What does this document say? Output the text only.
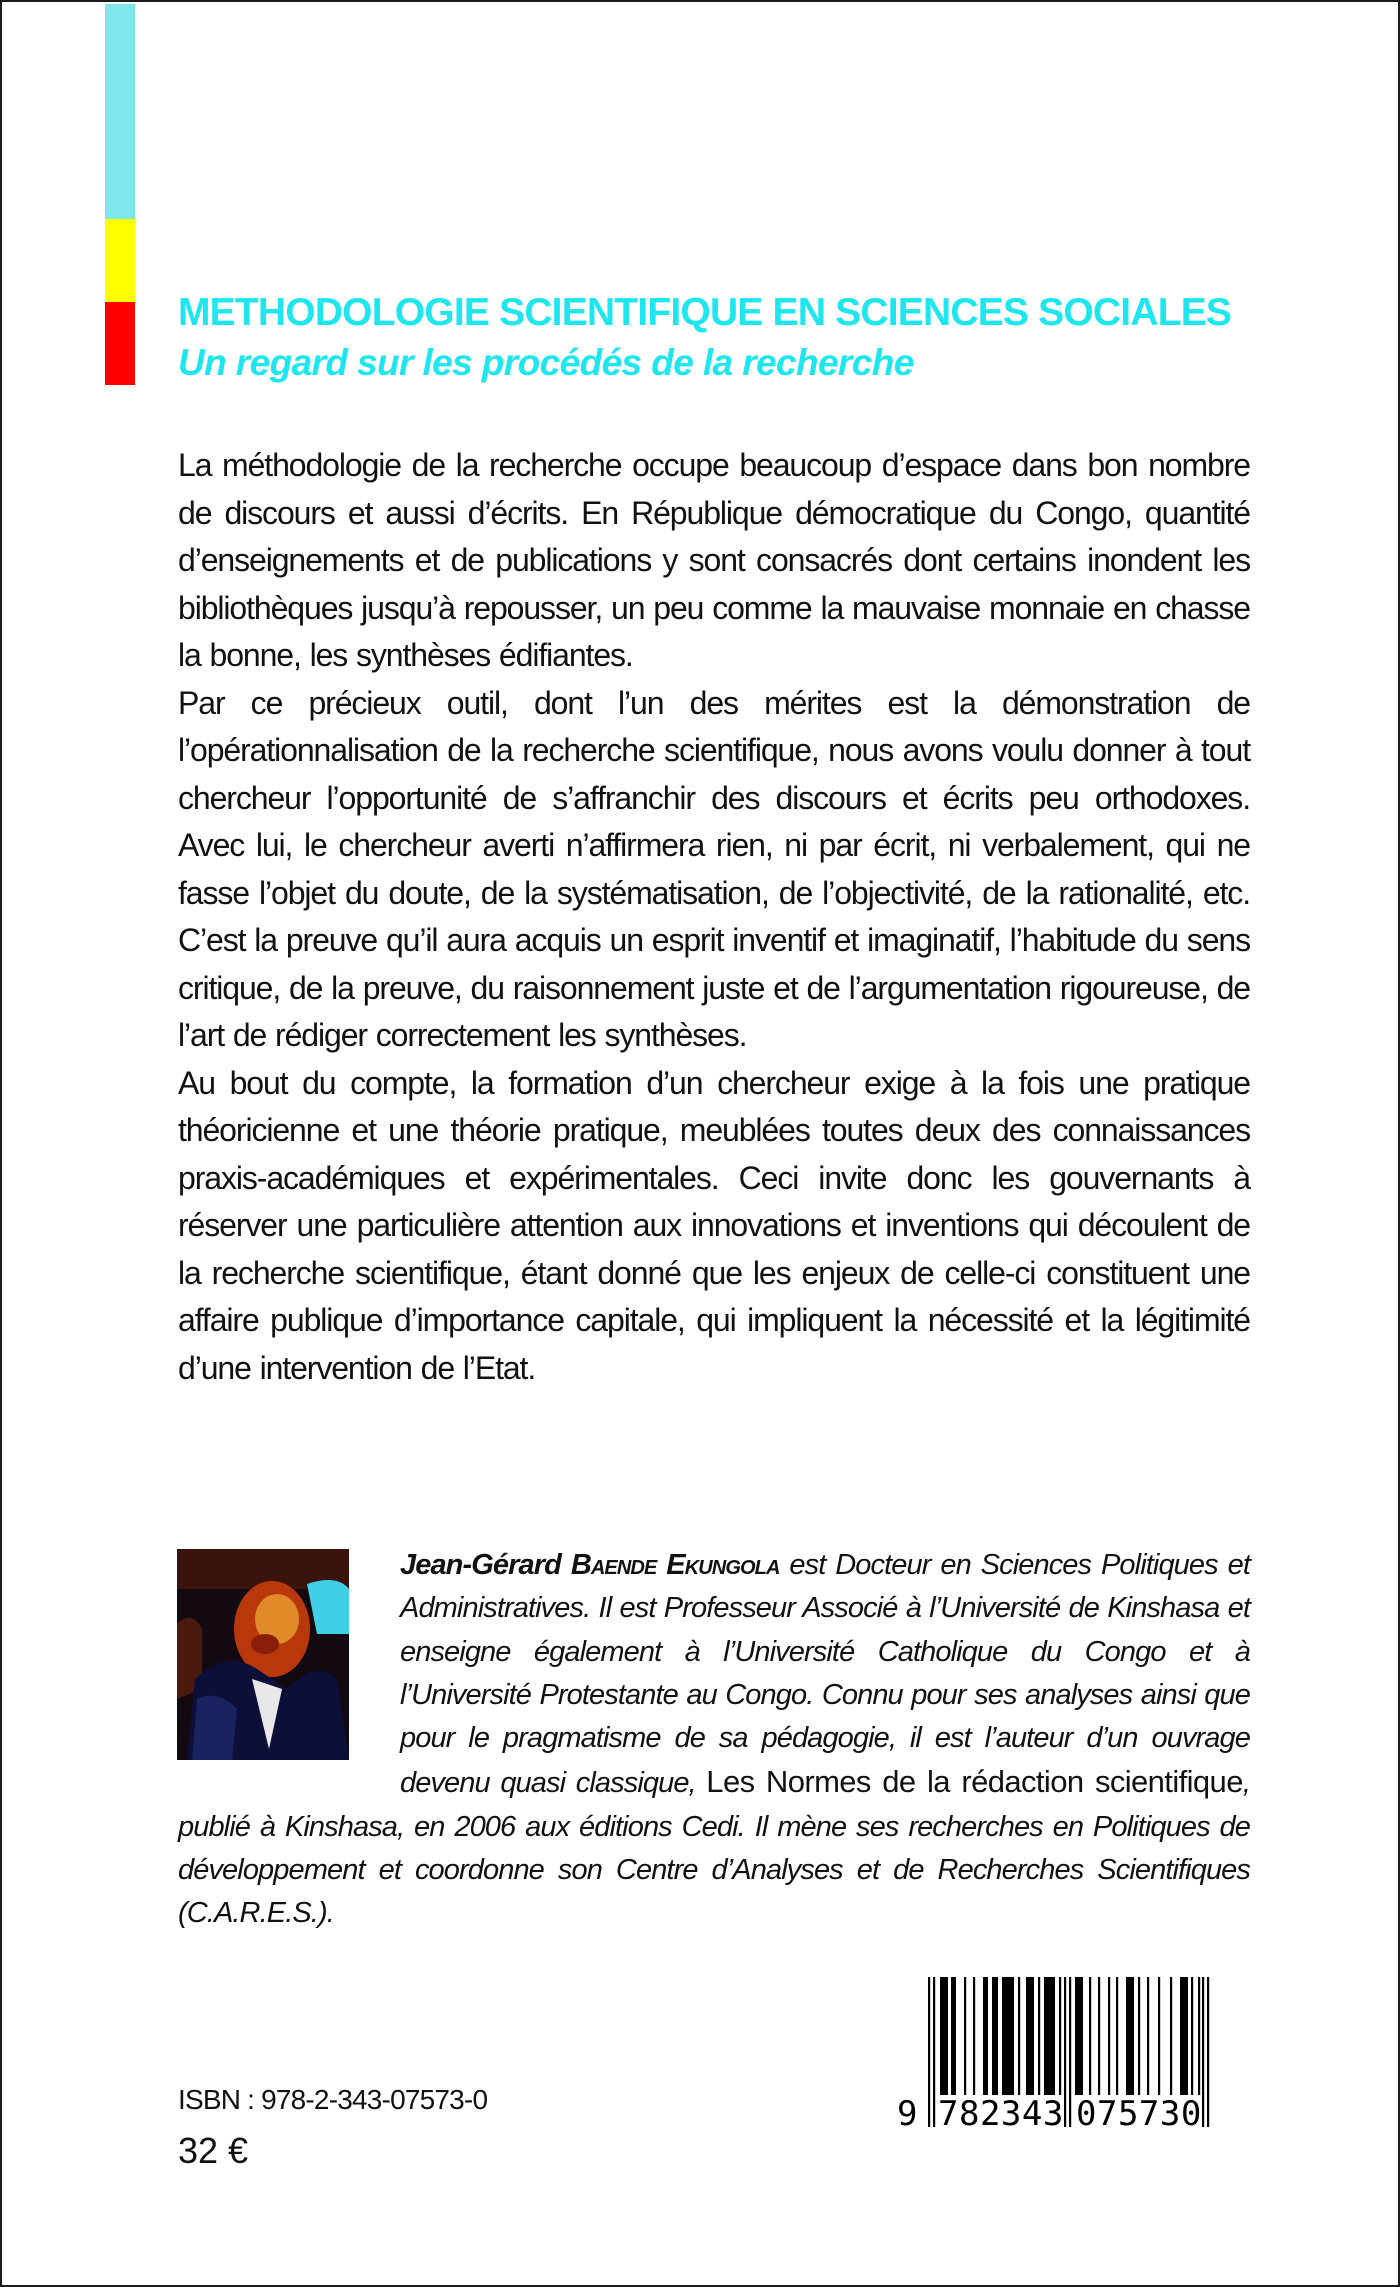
METHODOLOGIE SCIENTIFIQUE EN SCIENCES SOCIALES
Un regard sur les procédés de la recherche

La méthodologie de la recherche occupe beaucoup d’espace dans bon nombre de discours et aussi d’écrits. En République démocratique du Congo, quantité d’enseignements et de publications y sont consacrés dont certains inondent les bibliothèques jusqu’à repousser, un peu comme la mauvaise monnaie en chasse la bonne, les synthèses édifiantes.

Par ce précieux outil, dont l’un des mérites est la démonstration de l’opérationnalisation de la recherche scientifique, nous avons voulu donner à tout chercheur l’opportunité de s’affranchir des discours et écrits peu orthodoxes. Avec lui, le chercheur averti n’affirmera rien, ni par écrit, ni verbalement, qui ne fasse l’objet du doute, de la systématisation, de l’objectivité, de la rationalité, etc. C’est la preuve qu’il aura acquis un esprit inventif et imaginatif, l’habitude du sens critique, de la preuve, du raisonnement juste et de l’argumentation rigoureuse, de l’art de rédiger correctement les synthèses.

Au bout du compte, la formation d’un chercheur exige à la fois une pratique théoricienne et une théorie pratique, meublées toutes deux des connaissances praxis-académiques et expérimentales. Ceci invite donc les gouvernants à réserver une particulière attention aux innovations et inventions qui découlent de la recherche scientifique, étant donné que les enjeux de celle-ci constituent une affaire publique d’importance capitale, qui impliquent la nécessité et la légitimité d’une intervention de l’Etat.

Jean-Gérard Baende Ekungola est Docteur en Sciences Politiques et Administratives. Il est Professeur Associé à l’Université de Kinshasa et enseigne également à l’Université Catholique du Congo et à l’Université Protestante au Congo. Connu pour ses analyses ainsi que pour le pragmatisme de sa pédagogie, il est l’auteur d’un ouvrage devenu quasi classique, Les Normes de la rédaction scientifique, publié à Kinshasa, en 2006 aux éditions Cedi. Il mène ses recherches en Politiques de développement et coordonne son Centre d’Analyses et de Recherches Scientifiques (C.A.R.E.S.).
ISBN : 978-2-343-07573-0
32 €
9 782343 075730
